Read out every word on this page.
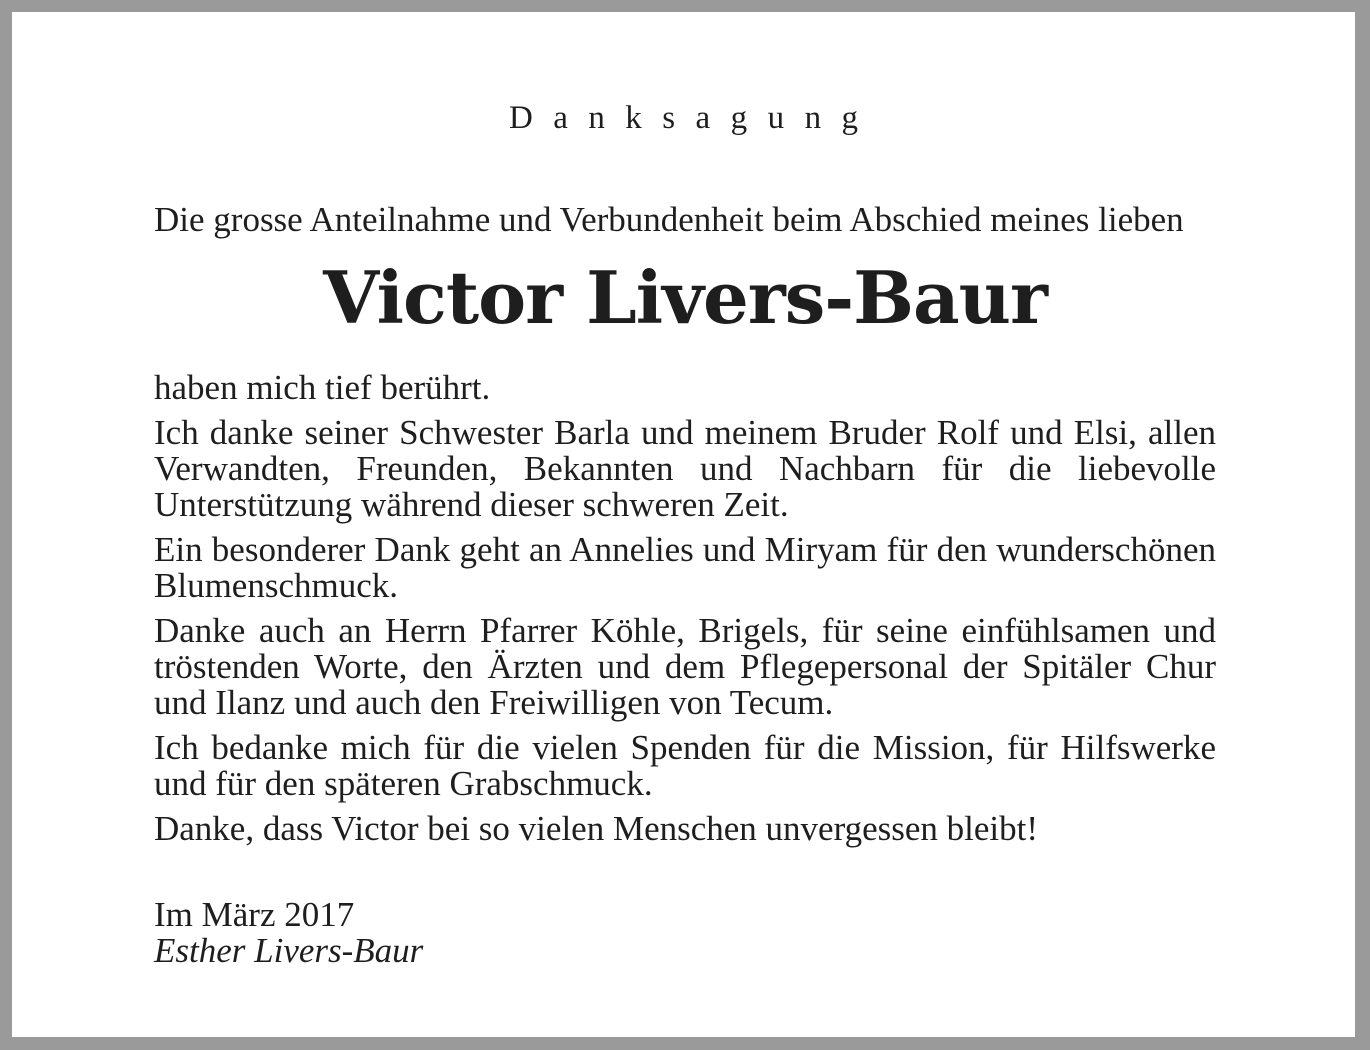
Danksagung

Die grosse Anteilnahme und Verbundenheit beim Abschied meines lieben

Victor Livers-Baur

haben mich tief berührt.

Ich danke seiner Schwester Barla und meinem Bruder Rolf und Elsi, allen Verwandten, Freunden, Bekannten und Nachbarn für die liebevolle Unterstützung während dieser schweren Zeit.

Ein besonderer Dank geht an Annelies und Miryam für den wunderschönen Blumenschmuck.

Danke auch an Herrn Pfarrer Köhle, Brigels, für seine einfühlsamen und tröstenden Worte, den Ärzten und dem Pflegepersonal der Spitäler Chur und Ilanz und auch den Freiwilligen von Tecum.

Ich bedanke mich für die vielen Spenden für die Mission, für Hilfswerke und für den späteren Grabschmuck.

Danke, dass Victor bei so vielen Menschen unvergessen bleibt!

Im März 2017

Esther Livers-Baur
